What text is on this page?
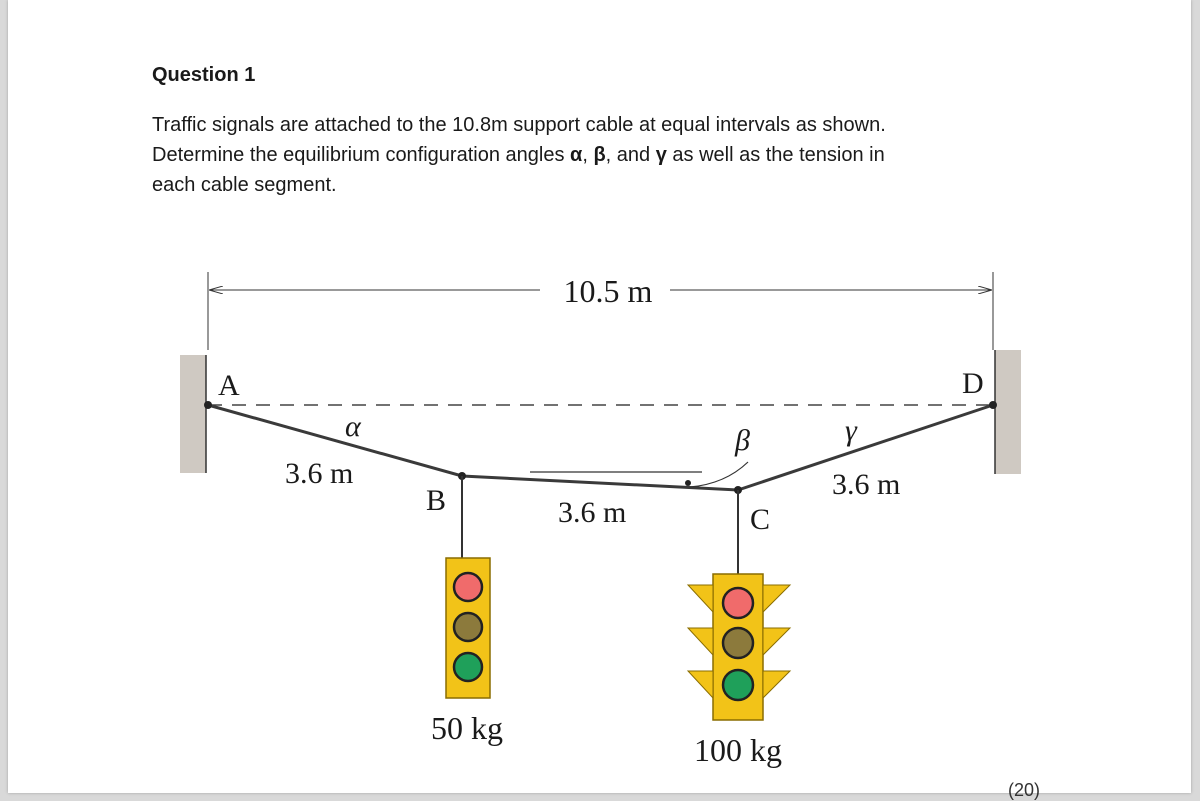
Question 1
Traffic signals are attached to the 10.8m support cable at equal intervals as shown.
Determine the equilibrium configuration angles α, β, and γ as well as the tension in
each cable segment.
(20)
10.5 m
A	D
B
C
α	β	γ
3.6 m
3.6 m
3.6 m
50 kg
100 kg
